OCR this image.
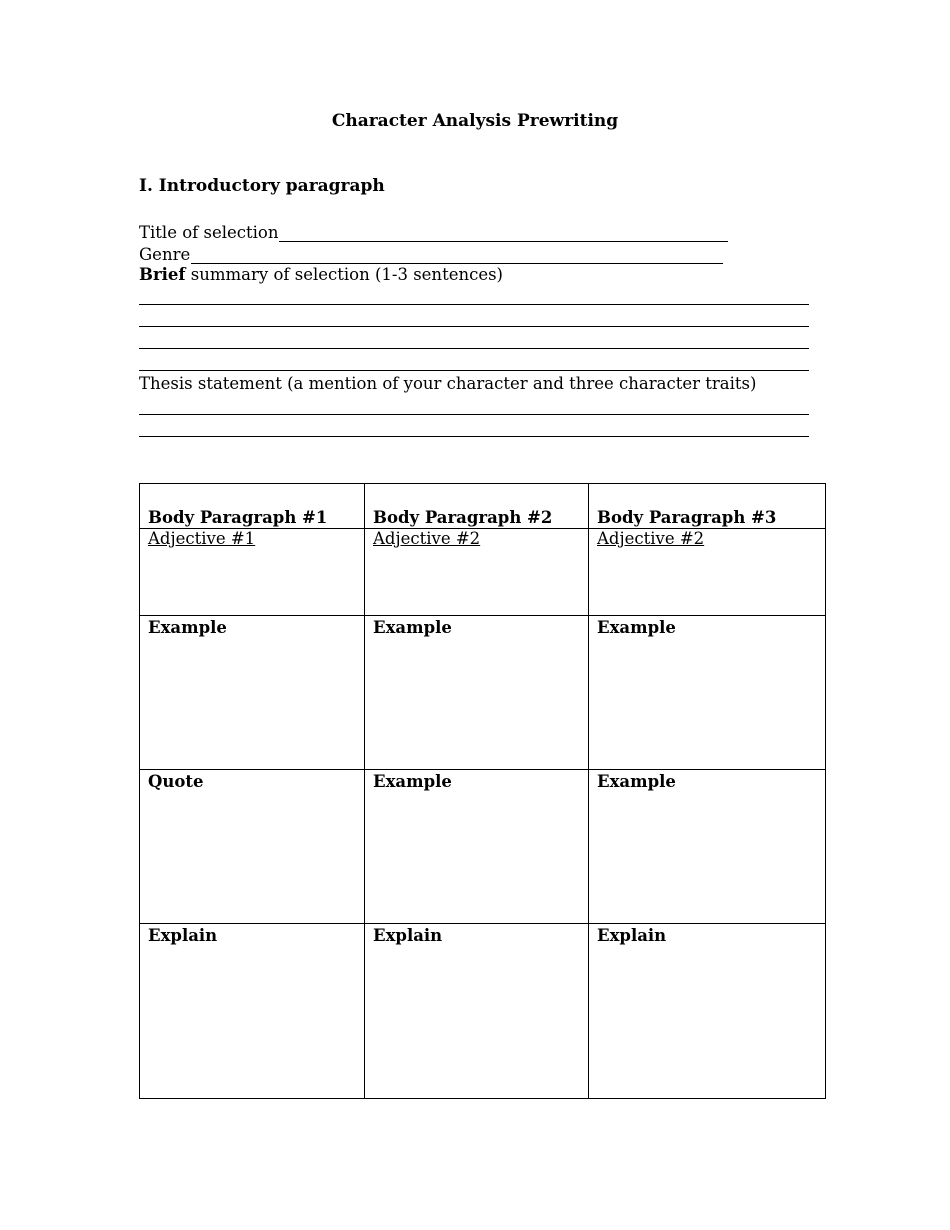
Character Analysis Prewriting
I. Introductory paragraph
Title of selection
Genre
Brief summary of selection (1-3 sentences)
Thesis statement (a mention of your character and three character traits)
Body Paragraph #1	Body Paragraph #2	Body Paragraph #3

Adjective #1	Adjective #2	Adjective #2

Example	Example	Example

Quote	Example	Example

Explain	Explain	Explain
